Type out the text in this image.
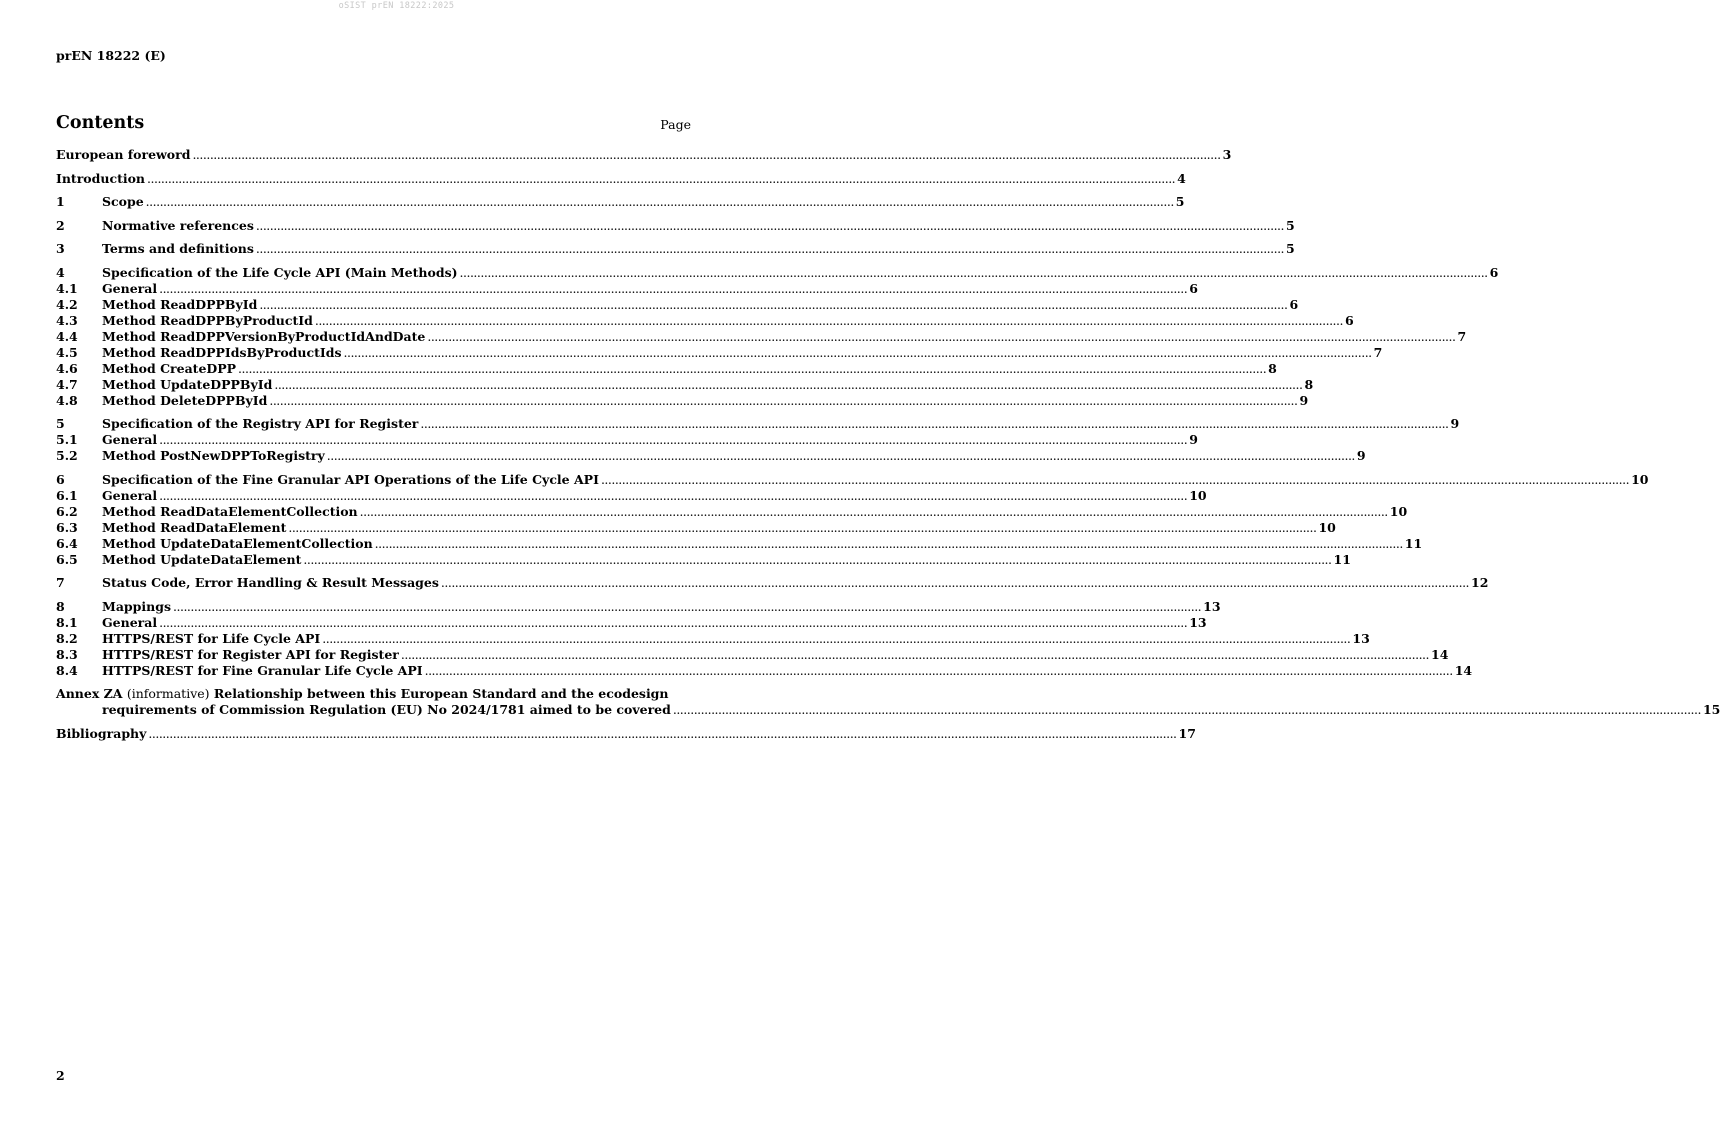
oSIST prEN 18222:2025
prEN 18222 (E)
Contents	Page
European foreword .....	3
Introduction .....	4
1	Scope .....	5
2	Normative references .....	5
3	Terms and definitions .....	5
4	Specification of the Life Cycle API (Main Methods) .....	6
4.1	General .....	6
4.2	Method ReadDPPById .....	6
4.3	Method ReadDPPByProductId .....	6
4.4	Method ReadDPPVersionByProductIdAndDate .....	7
4.5	Method ReadDPPIdsByProductIds .....	7
4.6	Method CreateDPP .....	8
4.7	Method UpdateDPPById .....	8
4.8	Method DeleteDPPById .....	9
5	Specification of the Registry API for Register .....	9
5.1	General .....	9
5.2	Method PostNewDPPToRegistry .....	9
6	Specification of the Fine Granular API Operations of the Life Cycle API .....	10
6.1	General .....	10
6.2	Method ReadDataElementCollection .....	10
6.3	Method ReadDataElement .....	10
6.4	Method UpdateDataElementCollection .....	11
6.5	Method UpdateDataElement .....	11
7	Status Code, Error Handling & Result Messages .....	12
8	Mappings .....	13
8.1	General .....	13
8.2	HTTPS/REST for Life Cycle API .....	13
8.3	HTTPS/REST for Register API for Register .....	14
8.4	HTTPS/REST for Fine Granular Life Cycle API .....	14
Annex ZA
(informative)
Relationship between this European Standard and the ecodesign
requirements of Commission Regulation (EU) No 2024/1781 aimed to be covered .....	15
Bibliography .....	17
2
